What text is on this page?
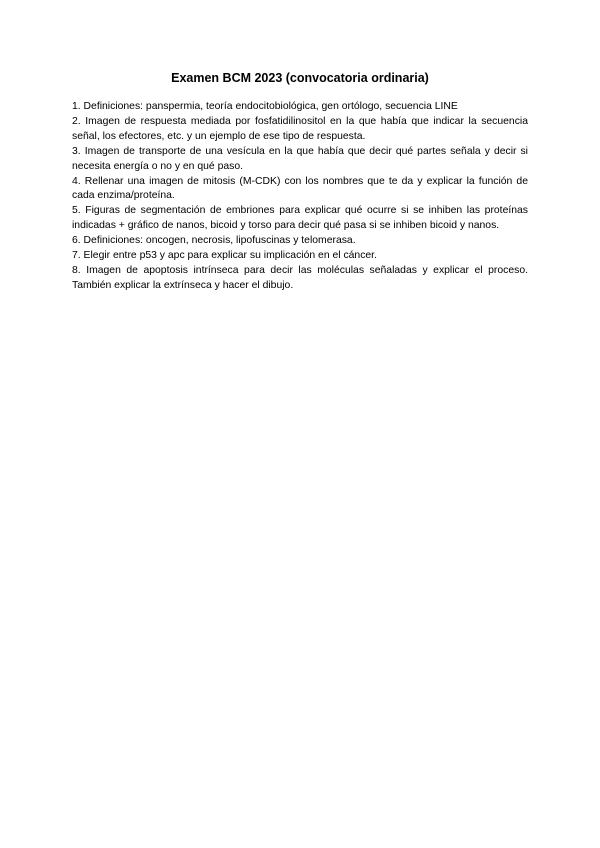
Examen BCM 2023 (convocatoria ordinaria)
1. Definiciones: panspermia, teoría endocitobiológica, gen ortólogo, secuencia LINE
2. Imagen de respuesta mediada por fosfatidilinositol en la que había que indicar la secuencia señal, los efectores, etc. y un ejemplo de ese tipo de respuesta.
3. Imagen de transporte de una vesícula en la que había que decir qué partes señala y decir si necesita energía o no y en qué paso.
4. Rellenar una imagen de mitosis (M-CDK) con los nombres que te da y explicar la función de cada enzima/proteína.
5. Figuras de segmentación de embriones para explicar qué ocurre si se inhiben las proteínas indicadas + gráfico de nanos, bicoid y torso para decir qué pasa si se inhiben bicoid y nanos.
6. Definiciones: oncogen, necrosis, lipofuscinas y telomerasa.
7. Elegir entre p53 y apc para explicar su implicación en el cáncer.
8. Imagen de apoptosis intrínseca para decir las moléculas señaladas y explicar el proceso. También explicar la extrínseca y hacer el dibujo.
